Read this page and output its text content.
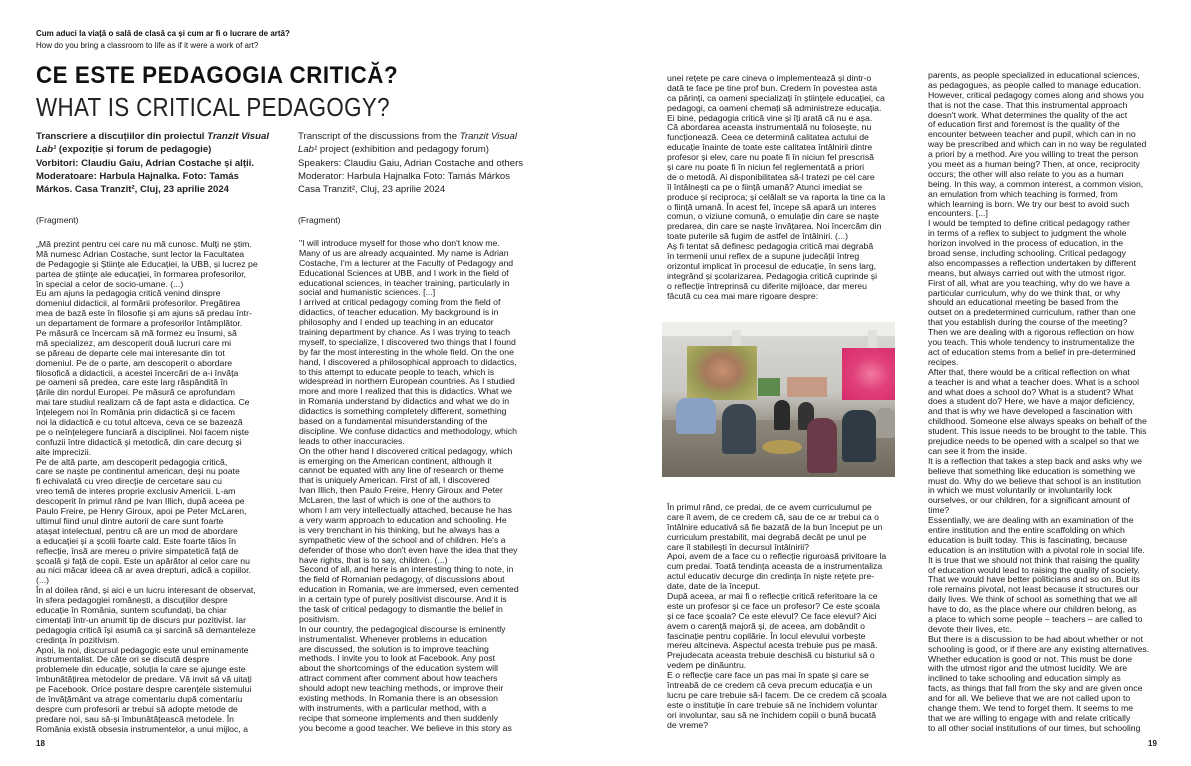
Cum aduci la viață o sală de clasă ca și cum ar fi o lucrare de artă?
How do you bring a classroom to life as if it were a work of art?
CE ESTE PEDAGOGIA CRITICĂ?
WHAT IS CRITICAL PEDAGOGY?
Transcriere a discuțiilor din proiectul Tranzit Visual
Lab¹ (expoziție și forum de pedagogie)
Vorbitori: Claudiu Gaiu, Adrian Costache și alții.
Moderatoare: Harbula Hajnalka. Foto: Tamás
Márkos. Casa Tranzit², Cluj, 23 aprilie 2024
Transcript of the discussions from the Tranzit Visual
Lab¹ project (exhibition and pedagogy forum)
Speakers: Claudiu Gaiu, Adrian Costache and others
Moderator: Harbula Hajnalka Foto: Tamás Márkos
Casa Tranzit², Cluj, 23 aprilie 2024
(Fragment)	(Fragment)
„Mă prezint pentru cei care nu mă cunosc. Mulți ne știm.
Mă numesc Adrian Costache, sunt lector la Facultatea
de Pedagogie și Științe ale Educației, la UBB, și lucrez pe
partea de științe ale educației, în formarea profesorilor,
în special a celor de socio-umane. (...)
Eu am ajuns la pedagogia critică venind dinspre
domeniul didacticii, al formării profesorilor. Pregătirea
mea de bază este în filosofie și am ajuns să predau într-
un departament de formare a profesorilor întâmplător.
Pe măsură ce încercam să mă formez eu însumi, să
mă specializez, am descoperit două lucruri care mi
se păreau de departe cele mai interesante din tot
domeniul. Pe de o parte, am descoperit o abordare
filosofică a didacticii, a acestei încercări de a-i învăța
pe oameni să predea, care este larg răspândită în
țările din nordul Europei. Pe măsură ce aprofundam
mai tare studiul realizam că de fapt asta e didactica. Ce
înțelegem noi în România prin didactică și ce facem
noi la didactică e cu totul altceva, ceva ce se bazează
pe o neînțelegere funciară a disciplinei. Noi facem niște
confuzii între didactică și metodică, din care decurg și
alte imprecizii.
Pe de altă parte, am descoperit pedagogia critică,
care se naște pe continentul american, deși nu poate
fi echivalată cu vreo direcție de cercetare sau cu
vreo temă de interes proprie exclusiv Americii. L-am
descoperit în primul rând pe Ivan Illich, după aceea pe
Paulo Freire, pe Henry Giroux, apoi pe Peter McLaren,
ultimul fiind unul dintre autorii de care sunt foarte
atașat intelectual, pentru că are un mod de abordare
a educației și a școlii foarte cald. Este foarte tăios în
reflecție, însă are mereu o privire simpatetică față de
școală și față de copii. Este un apărător al celor care nu
au nici măcar ideea că ar avea drepturi, adică a copiilor.
(...)
În al doilea rând, și aici e un lucru interesant de observat,
în sfera pedagogiei românești, a discuțiilor despre
educație în România, suntem scufundați, ba chiar
cimentați într-un anumit tip de discurs pur pozitivist. Iar
pedagogia critică își asumă ca și sarcină să demanteleze
credința în pozitivism.
Apoi, la noi, discursul pedagogic este unul eminamente
instrumentalist. De câte ori se discută despre
problemele din educație, soluția la care se ajunge este
îmbunătățirea metodelor de predare. Vă invit să vă uitați
pe Facebook. Orice postare despre carențele sistemului
de învățământ va atrage comentariu după comentariu
despre cum profesorii ar trebui să adopte metode de
predare noi, sau să-și îmbunătățească metodele. În
România există obsesia instrumentelor, a unui mijloc, a
"I will introduce myself for those who don't know me.
Many of us are already acquainted. My name is Adrian
Costache, I'm a lecturer at the Faculty of Pedagogy and
Educational Sciences at UBB, and I work in the field of
educational sciences, in teacher training, particularly in
social and humanistic sciences. [...]
I arrived at critical pedagogy coming from the field of
didactics, of teacher education. My background is in
philosophy and I ended up teaching in an educator
training department by chance. As I was trying to teach
myself, to specialize, I discovered two things that I found
by far the most interesting in the whole field. On the one
hand, I discovered a philosophical approach to didactics,
to this attempt to educate people to teach, which is
widespread in northern European countries. As I studied
more and more I realized that this is didactics. What we
in Romania understand by didactics and what we do in
didactics is something completely different, something
based on a fundamental misunderstanding of the
discipline. We confuse didactics and methodology, which
leads to other inaccuracies.
On the other hand I discovered critical pedagogy, which
is emerging on the American continent, although it
cannot be equated with any line of research or theme
that is uniquely American. First of all, I discovered
Ivan Illich, then Paulo Freire, Henry Giroux and Peter
McLaren, the last of which is one of the authors to
whom I am very intellectually attached, because he has
a very warm approach to education and schooling. He
is very trenchant in his thinking, but he always has a
sympathetic view of the school and of children. He's a
defender of those who don't even have the idea that they
have rights, that is to say, children. (...)
Second of all, and here is an interesting thing to note, in
the field of Romanian pedagogy, of discussions about
education in Romania, we are immersed, even cemented
in a certain type of purely positivist discourse. And it is
the task of critical pedagogy to dismantle the belief in
positivism.
In our country, the pedagogical discourse is eminently
instrumentalist. Whenever problems in education
are discussed, the solution is to improve teaching
methods. I invite you to look at Facebook. Any post
about the shortcomings of the education system will
attract comment after comment about how teachers
should adopt new teaching methods, or improve their
existing methods. In Romania there is an obsession
with instruments, with a particular method, with a
recipe that someone implements and then suddenly
you become a good teacher. We believe in this story as
unei rețete pe care cineva o implementează și dintr-o
dată te face pe tine prof bun. Credem în povestea asta
ca părinți, ca oameni specializați în științele educației, ca
pedagogi, ca oameni chemați să administreze educația.
Ei bine, pedagogia critică vine și îți arată că nu e așa.
Că abordarea aceasta instrumentală nu folosește, nu
funcționează. Ceea ce determină calitatea actului de
educație înainte de toate este calitatea întâlnirii dintre
profesor și elev, care nu poate fi în niciun fel prescrisă
și care nu poate fi în niciun fel reglementată a priori
de o metodă. Ai disponibilitatea să-l tratezi pe cel care
îl întâlnești ca pe o ființă umană? Atunci imediat se
produce și reciproca; și celălalt se va raporta la tine ca la
o ființă umană. În acest fel, începe să apară un interes
comun, o viziune comună, o emulație din care se naște
predarea, din care se naște învățarea. Noi încercăm din
toate puterile să fugim de astfel de întâlniri. (...)
Aș fi tentat să definesc pedagogia critică mai degrabă
în termenii unui reflex de a supune judecății întreg
orizontul implicat în procesul de educație, în sens larg,
integrând și școlarizarea. Pedagogia critică cuprinde și
o reflecție întreprinsă cu diferite mijloace, dar mereu
făcută cu cea mai mare rigoare despre:
În primul rând, ce predai, de ce avem curriculumul pe
care îl avem, de ce credem că, sau de ce ar trebui ca o
întâlnire educativă să fie bazată de la bun început pe un
curriculum prestabilit, mai degrabă decât pe unul pe
care îl stabilești în decursul întâlnirii?
Apoi, avem de a face cu o reflecție riguroasă privitoare la
cum predai. Toată tendința aceasta de a instrumentaliza
actul educativ decurge din credința în niște rețete pre-
date, date de la început.
După aceea, ar mai fi o reflecție critică referitoare la ce
este un profesor și ce face un profesor? Ce este școala
și ce face școala? Ce este elevul? Ce face elevul? Aici
avem o carență majoră și, de aceea, am dobândit o
fascinație pentru copilărie. În locul elevului vorbește
mereu altcineva. Aspectul acesta trebuie pus pe masă.
Prejudecata aceasta trebuie deschisă cu bisturiul să o
vedem pe dinăuntru.
E o reflecție care face un pas mai în spate și care se
întreabă de ce credem că ceva precum educația e un
lucru pe care trebuie să-l facem. De ce credem că școala
este o instituție în care trebuie să ne închidem voluntar
ori involuntar, sau să ne închidem copiii o bună bucată
de vreme?
parents, as people specialized in educational sciences,
as pedagogues, as people called to manage education.
However, critical pedagogy comes along and shows you
that is not the case. That this instrumental approach
doesn't work. What determines the quality of the act
of education first and foremost is the quality of the
encounter between teacher and pupil, which can in no
way be prescribed and which can in no way be regulated
a priori by a method. Are you willing to treat the person
you meet as a human being? Then, at once, reciprocity
occurs; the other will also relate to you as a human
being. In this way, a common interest, a common vision,
an emulation from which teaching is formed, from
which learning is born. We try our best to avoid such
encounters. [...]
I would be tempted to define critical pedagogy rather
in terms of a reflex to subject to judgment the whole
horizon involved in the process of education, in the
broad sense, including schooling. Critical pedagogy
also encompasses a reflection undertaken by different
means, but always carried out with the utmost rigor.
First of all, what are you teaching, why do we have a
particular curriculum, why do we think that, or why
should an educational meeting be based from the
outset on a predetermined curriculum, rather than one
that you establish during the course of the meeting?
Then we are dealing with a rigorous reflection on how
you teach. This whole tendency to instrumentalize the
act of education stems from a belief in pre-determined
recipes.
After that, there would be a critical reflection on what
a teacher is and what a teacher does. What is a school
and what does a school do? What is a student? What
does a student do? Here, we have a major deficiency,
and that is why we have developed a fascination with
childhood. Someone else always speaks on behalf of the
student. This issue needs to be brought to the table. This
prejudice needs to be opened with a scalpel so that we
can see it from the inside.
It is a reflection that takes a step back and asks why we
believe that something like education is something we
must do. Why do we believe that school is an institution
in which we must voluntarily or involuntarily lock
ourselves, or our children, for a significant amount of
time?
Essentially, we are dealing with an examination of the
entire institution and the entire scaffolding on which
education is built today. This is fascinating, because
education is an institution with a pivotal role in social life.
It is true that we should not think that raising the quality
of education would lead to raising the quality of society.
That we would have better politicians and so on. But its
role remains pivotal, not least because it structures our
daily lives. We think of school as something that we all
have to do, as the place where our children belong, as
a place to which some people – teachers – are called to
devote their lives, etc.
But there is a discussion to be had about whether or not
schooling is good, or if there are any existing alternatives.
Whether education is good or not. This must be done
with the utmost rigor and the utmost lucidity. We are
inclined to take schooling and education simply as
facts, as things that fall from the sky and are given once
and for all. We believe that we are not called upon to
change them. We tend to forget them. It seems to me
that we are willing to engage with and relate critically
to all other social institutions of our times, but schooling
18	19
